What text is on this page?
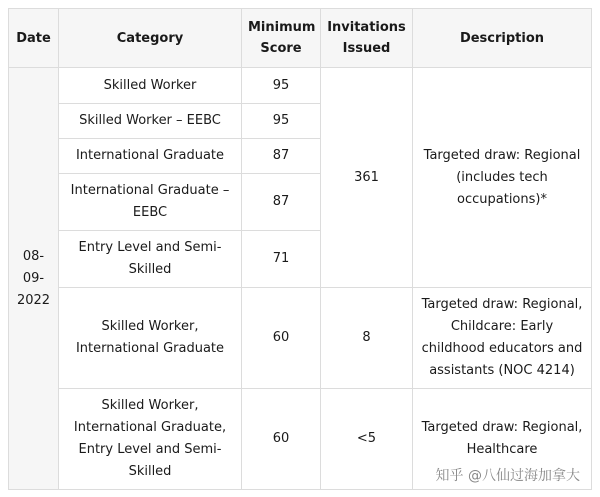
Date	Category	Minimum Score	Invitations Issued	Description
08-09-2022	Skilled Worker	95	361	Targeted draw: Regional (includes tech occupations)*
	Skilled Worker – EEBC	95		
	International Graduate	87		
	International Graduate – EEBC	87		
	Entry Level and Semi-Skilled	71		
	Skilled Worker, International Graduate	60	8	Targeted draw: Regional, Childcare: Early childhood educators and assistants (NOC 4214)
	Skilled Worker, International Graduate, Entry Level and Semi-Skilled	60	<5	Targeted draw: Regional, Healthcare
知乎 @八仙过海加拿大
